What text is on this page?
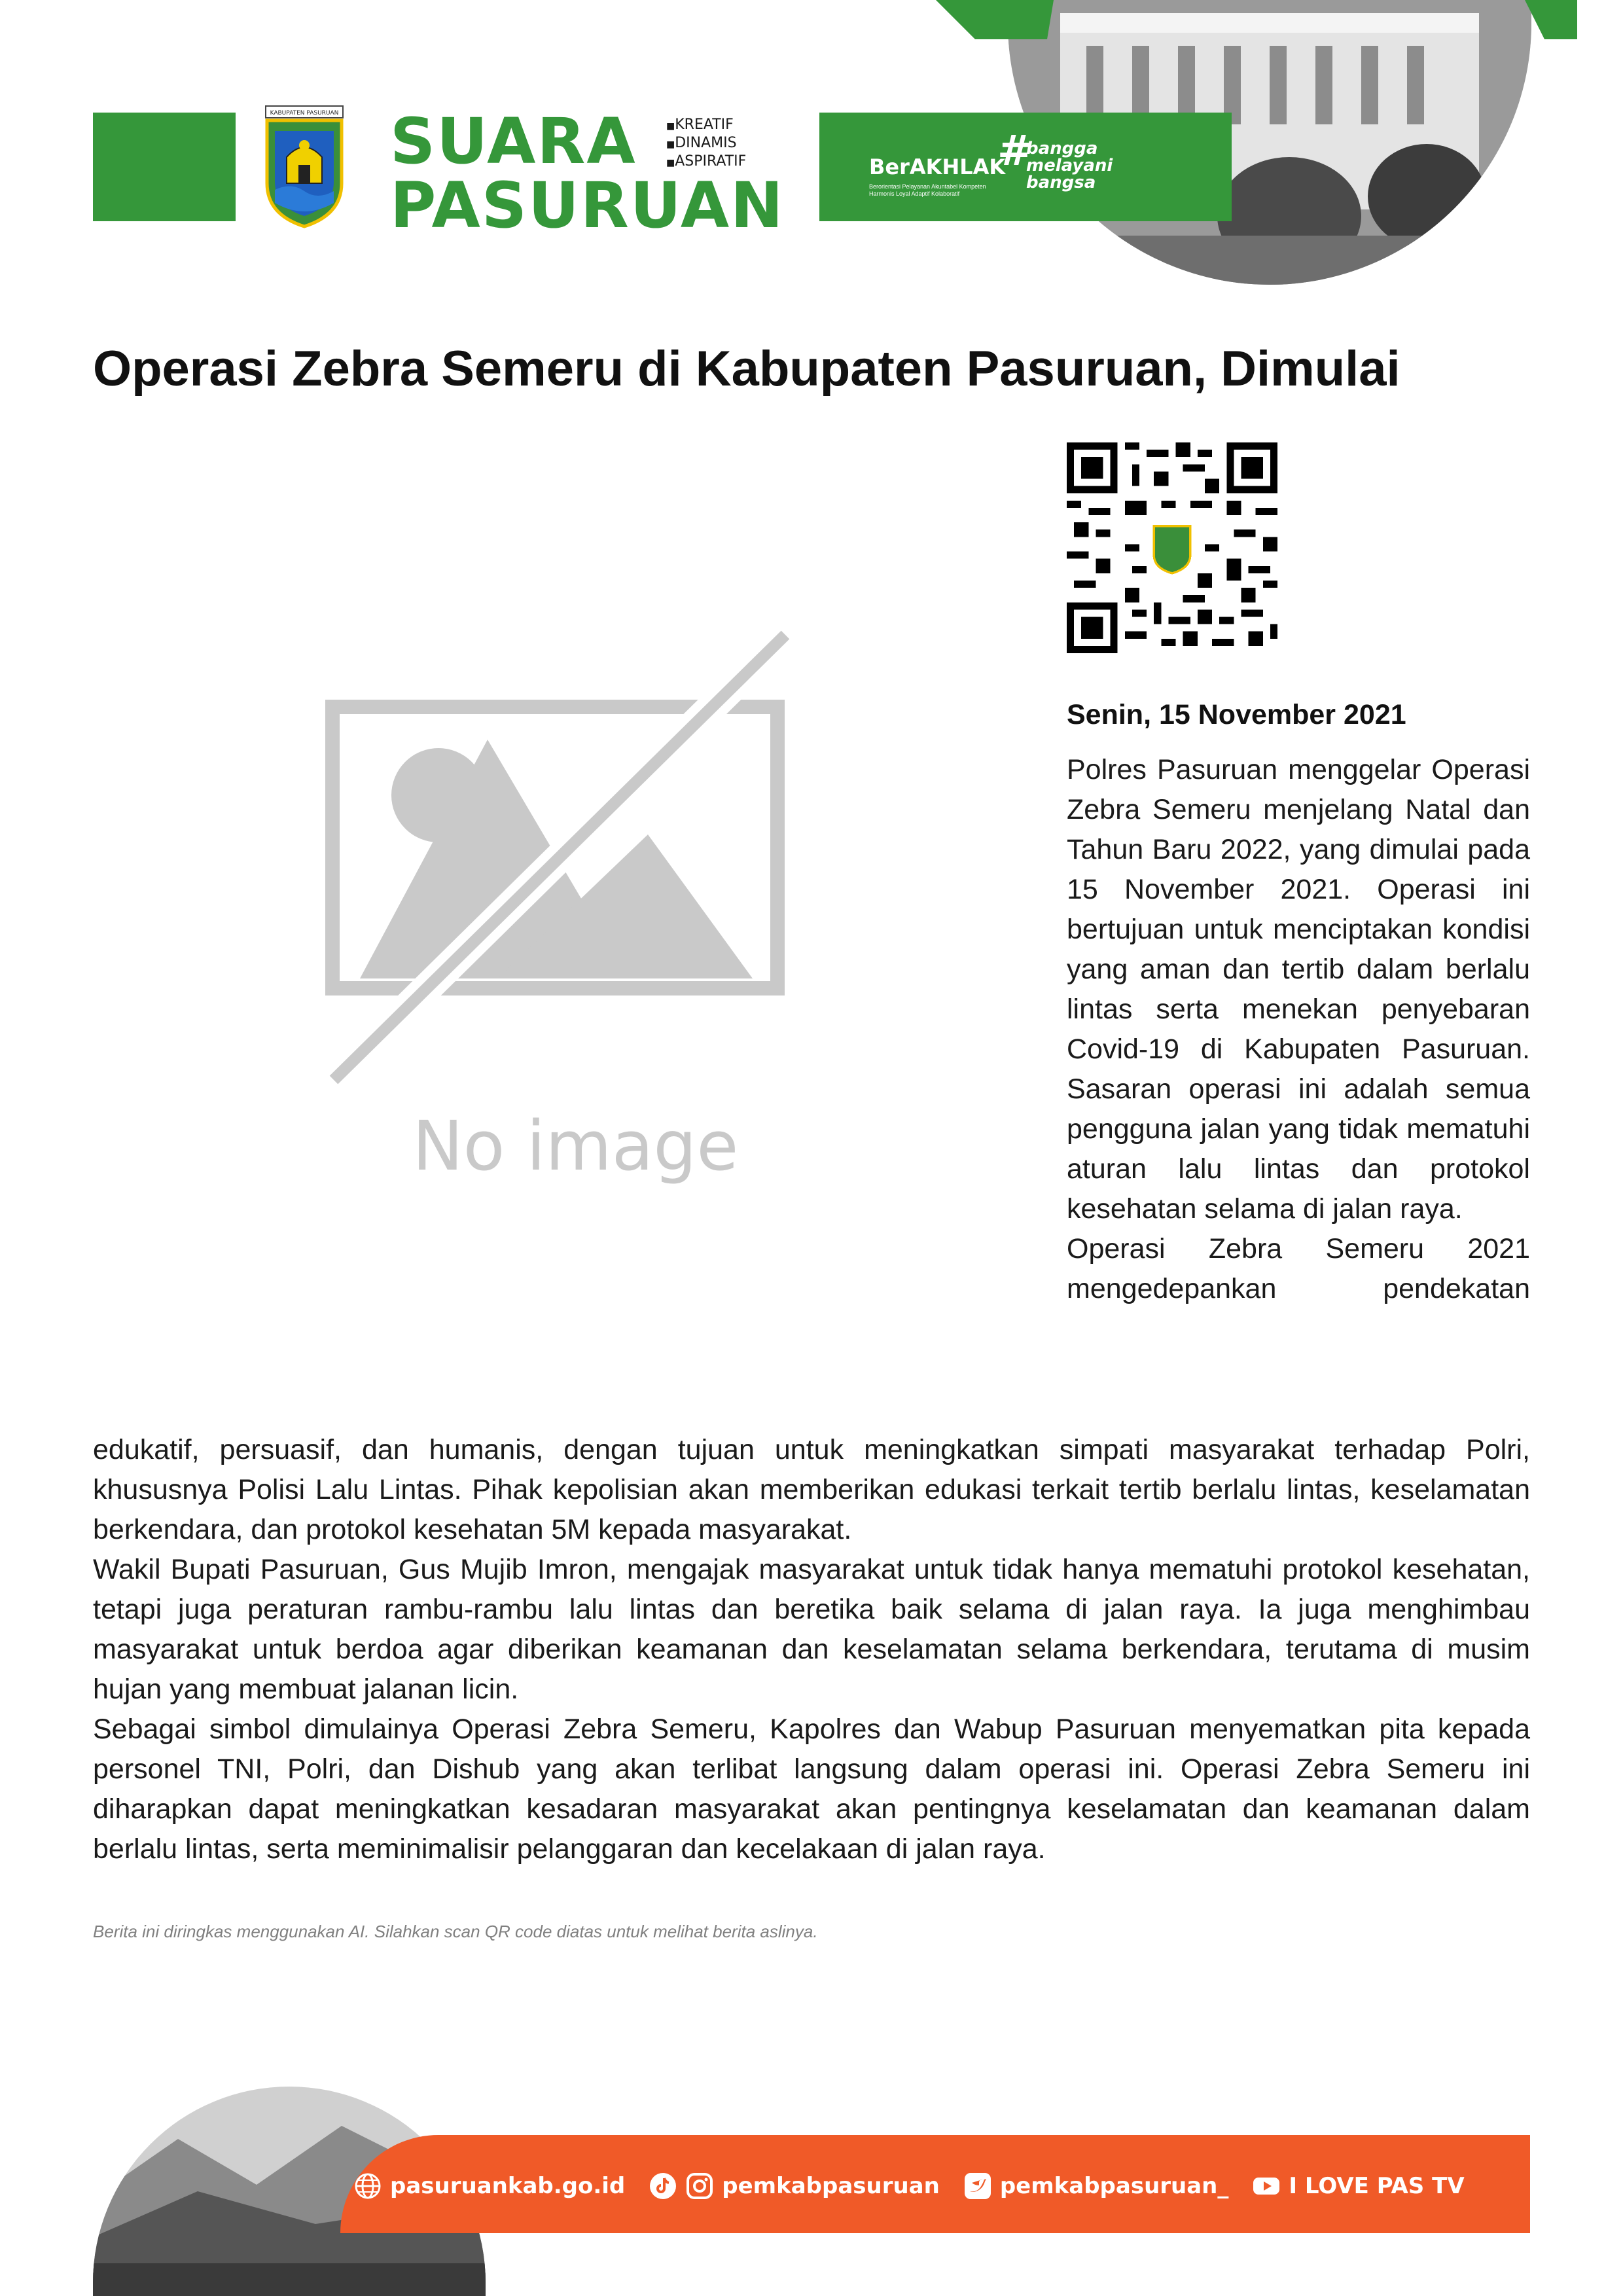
KABUPATEN PASURUAN SUARA
PASURUAN
■ KREATIF
■ DINAMIS
■ ASPIRATIF	BerAKHLAK
Berorientasi Pelayanan Akuntabel Kompeten Harmonis Loyal Adaptif Kolaboratif
#
bangga
melayani
bangsa
Operasi Zebra Semeru di Kabupaten Pasuruan, Dimulai
No image
Senin, 15 November 2021
Polres Pasuruan menggelar Operasi Zebra Semeru menjelang Natal dan Tahun Baru 2022, yang dimulai pada 15 November 2021. Operasi ini bertujuan untuk menciptakan kondisi yang aman dan tertib dalam berlalu lintas serta menekan penyebaran Covid-19 di Kabupaten Pasuruan. Sasaran operasi ini adalah semua pengguna jalan yang tidak mematuhi aturan lalu lintas dan protokol kesehatan selama di jalan raya.
Operasi Zebra Semeru 2021 mengedepankan pendekatan
edukatif, persuasif, dan humanis, dengan tujuan untuk meningkatkan simpati masyarakat terhadap Polri, khususnya Polisi Lalu Lintas. Pihak kepolisian akan memberikan edukasi terkait tertib berlalu lintas, keselamatan berkendara, dan protokol kesehatan 5M kepada masyarakat.
Wakil Bupati Pasuruan, Gus Mujib Imron, mengajak masyarakat untuk tidak hanya mematuhi protokol kesehatan, tetapi juga peraturan rambu-rambu lalu lintas dan beretika baik selama di jalan raya. Ia juga menghimbau masyarakat untuk berdoa agar diberikan keamanan dan keselamatan selama berkendara, terutama di musim hujan yang membuat jalanan licin.
Sebagai simbol dimulainya Operasi Zebra Semeru, Kapolres dan Wabup Pasuruan menyematkan pita kepada personel TNI, Polri, dan Dishub yang akan terlibat langsung dalam operasi ini. Operasi Zebra Semeru ini diharapkan dapat meningkatkan kesadaran masyarakat akan pentingnya keselamatan dan keamanan dalam berlalu lintas, serta meminimalisir pelanggaran dan kecelakaan di jalan raya.
Berita ini diringkas menggunakan AI. Silahkan scan QR code diatas untuk melihat berita aslinya.
pasuruankab.go.id	pemkabpasuruan	pemkabpasuruan_	I LOVE PAS TV
